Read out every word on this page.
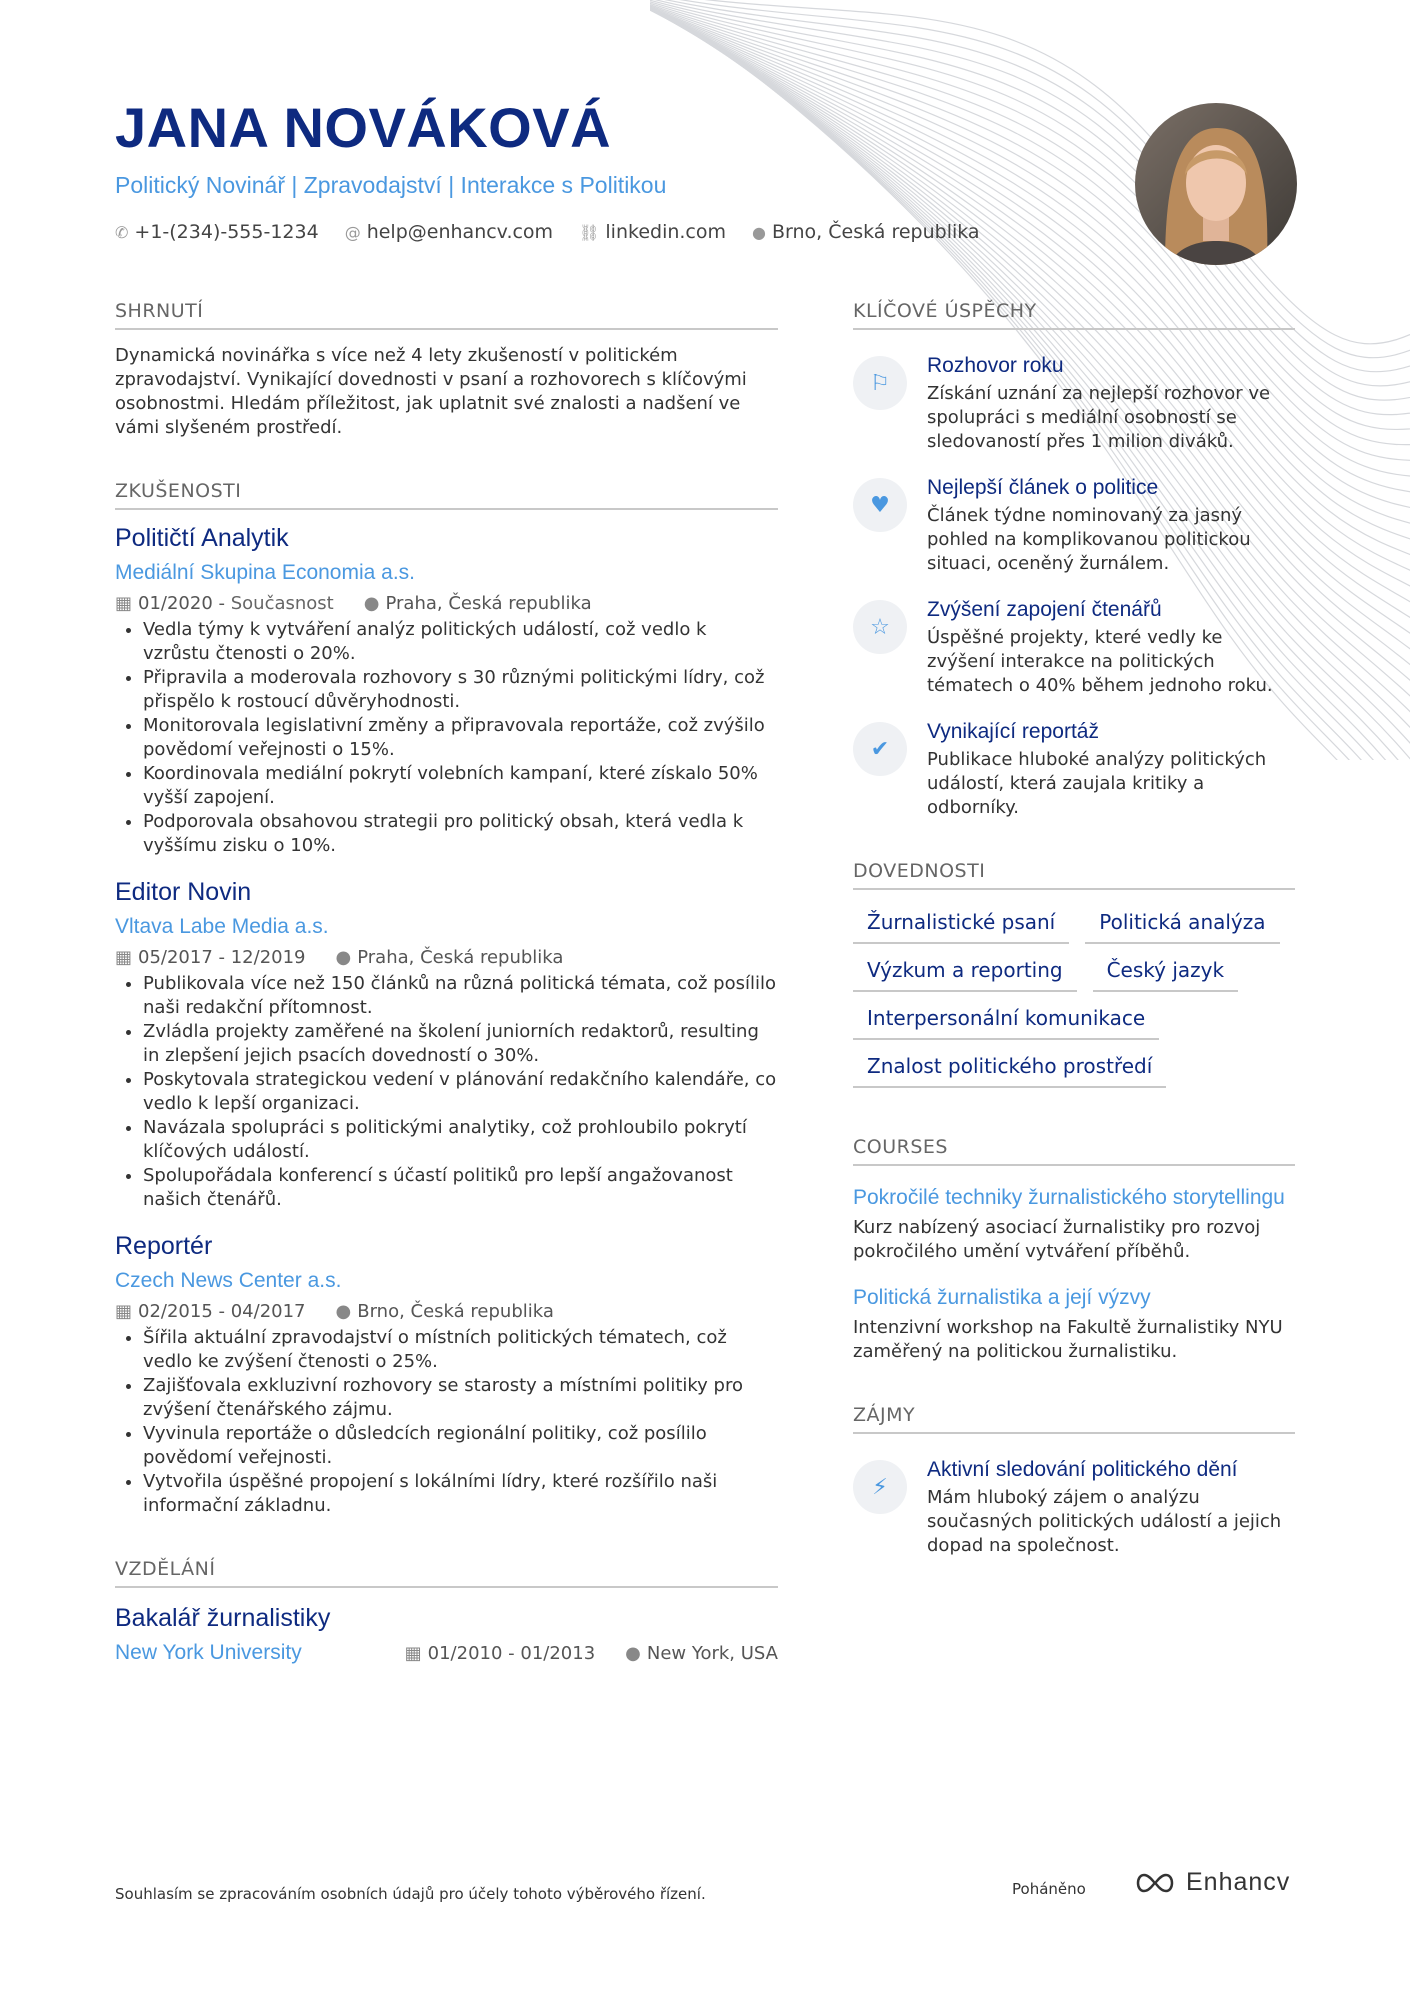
JANA NOVÁKOVÁ
Politický Novinář | Zpravodajství | Interakce s Politikou
✆ +1-(234)-555-1234 @ help@enhancv.com ⛓ linkedin.com ● Brno, Česká republika
SHRNUTÍ
Dynamická novinářka s více než 4 lety zkušeností v politickém zpravodajství. Vynikající dovednosti v psaní a rozhovorech s klíčovými osobnostmi. Hledám příležitost, jak uplatnit své znalosti a nadšení ve vámi slyšeném prostředí.
ZKUŠENOSTI
Političtí Analytik
Mediální Skupina Economia a.s.
▦ 01/2020 - Současnost ● Praha, Česká republika
• Vedla týmy k vytváření analýz politických událostí, což vedlo k vzrůstu čtenosti o 20%.
• Připravila a moderovala rozhovory s 30 různými politickými lídry, což přispělo k rostoucí důvěryhodnosti.
• Monitorovala legislativní změny a připravovala reportáže, což zvýšilo povědomí veřejnosti o 15%.
• Koordinovala mediální pokrytí volebních kampaní, které získalo 50% vyšší zapojení.
• Podporovala obsahovou strategii pro politický obsah, která vedla k vyššímu zisku o 10%.
Editor Novin
Vltava Labe Media a.s.
▦ 05/2017 - 12/2019 ● Praha, Česká republika
• Publikovala více než 150 článků na různá politická témata, což posílilo naši redakční přítomnost.
• Zvládla projekty zaměřené na školení juniorních redaktorů, resulting in zlepšení jejich psacích dovedností o 30%.
• Poskytovala strategickou vedení v plánování redakčního kalendáře, co vedlo k lepší organizaci.
• Navázala spolupráci s politickými analytiky, což prohloubilo pokrytí klíčových událostí.
• Spolupořádala konferencí s účastí politiků pro lepší angažovanost našich čtenářů.
Reportér
Czech News Center a.s.
▦ 02/2015 - 04/2017 ● Brno, Česká republika
• Šířila aktuální zpravodajství o místních politických tématech, což vedlo ke zvýšení čtenosti o 25%.
• Zajišťovala exkluzivní rozhovory se starosty a místními politiky pro zvýšení čtenářského zájmu.
• Vyvinula reportáže o důsledcích regionální politiky, což posílilo povědomí veřejnosti.
• Vytvořila úspěšné propojení s lokálními lídry, které rozšířilo naši informační základnu.
VZDĚLÁNÍ
Bakalář žurnalistiky
New York University	▦ 01/2010 - 01/2013 ● New York, USA
KLÍČOVÉ ÚSPĚCHY
⚐
Rozhovor roku
Získání uznání za nejlepší rozhovor ve spolupráci s mediální osobností se sledovaností přes 1 milion diváků.
♥
Nejlepší článek o politice
Článek týdne nominovaný za jasný pohled na komplikovanou politickou situaci, oceněný žurnálem.
☆
Zvýšení zapojení čtenářů
Úspěšné projekty, které vedly ke zvýšení interakce na politických tématech o 40% během jednoho roku.
✔
Vynikající reportáž
Publikace hluboké analýzy politických událostí, která zaujala kritiky a odborníky.
DOVEDNOSTI
Žurnalistické psaní	Politická analýza
Výzkum a reporting	Český jazyk
Interpersonální komunikace
Znalost politického prostředí
COURSES
Pokročilé techniky žurnalistického storytellingu
Kurz nabízený asociací žurnalistiky pro rozvoj pokročilého umění vytváření příběhů.
Politická žurnalistika a její výzvy
Intenzivní workshop na Fakultě žurnalistiky NYU zaměřený na politickou žurnalistiku.
ZÁJMY
⚡
Aktivní sledování politického dění
Mám hluboký zájem o analýzu současných politických událostí a jejich dopad na společnost.
Souhlasím se zpracováním osobních údajů pro účely tohoto výběrového řízení.	Poháněno	Enhancv
